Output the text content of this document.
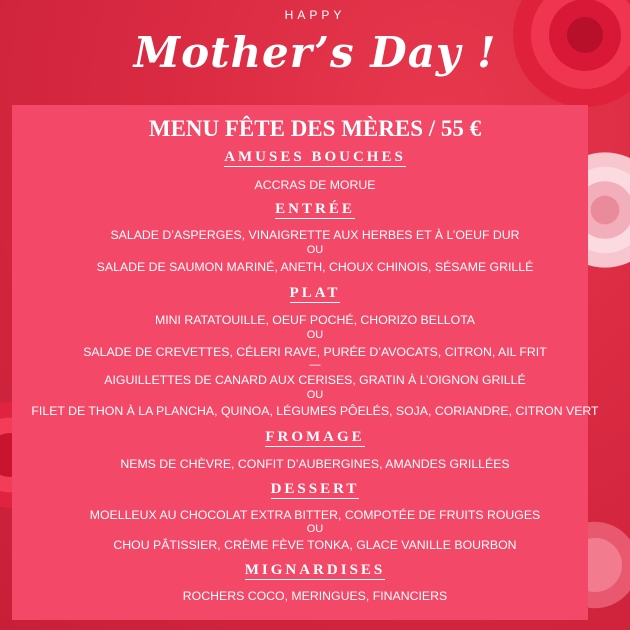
HAPPY
Mother’s Day !
MENU FÊTE DES MÈRES / 55 €
AMUSES BOUCHES
ACCRAS DE MORUE
ENTRÉE
SALADE D’ASPERGES, VINAIGRETTE AUX HERBES ET À L’OEUF DUR
OU
SALADE DE SAUMON MARINÉ, ANETH, CHOUX CHINOIS, SÉSAME GRILLÉ
PLAT
MINI RATATOUILLE, OEUF POCHÉ, CHORIZO BELLOTA
OU
SALADE DE CREVETTES, CÉLERI RAVE, PURÉE D’AVOCATS, CITRON, AIL FRIT
—
AIGUILLETTES DE CANARD AUX CERISES, GRATIN À L’OIGNON GRILLÉ
OU
FILET DE THON À LA PLANCHA, QUINOA, LÉGUMES PÔELÉS, SOJA, CORIANDRE, CITRON VERT
FROMAGE
NEMS DE CHÈVRE, CONFIT D’AUBERGINES, AMANDES GRILLÉES
DESSERT
MOELLEUX AU CHOCOLAT EXTRA BITTER, COMPOTÉE DE FRUITS ROUGES
OU
CHOU PÂTISSIER, CRÈME FÈVE TONKA, GLACE VANILLE BOURBON
MIGNARDISES
ROCHERS COCO, MERINGUES, FINANCIERS
